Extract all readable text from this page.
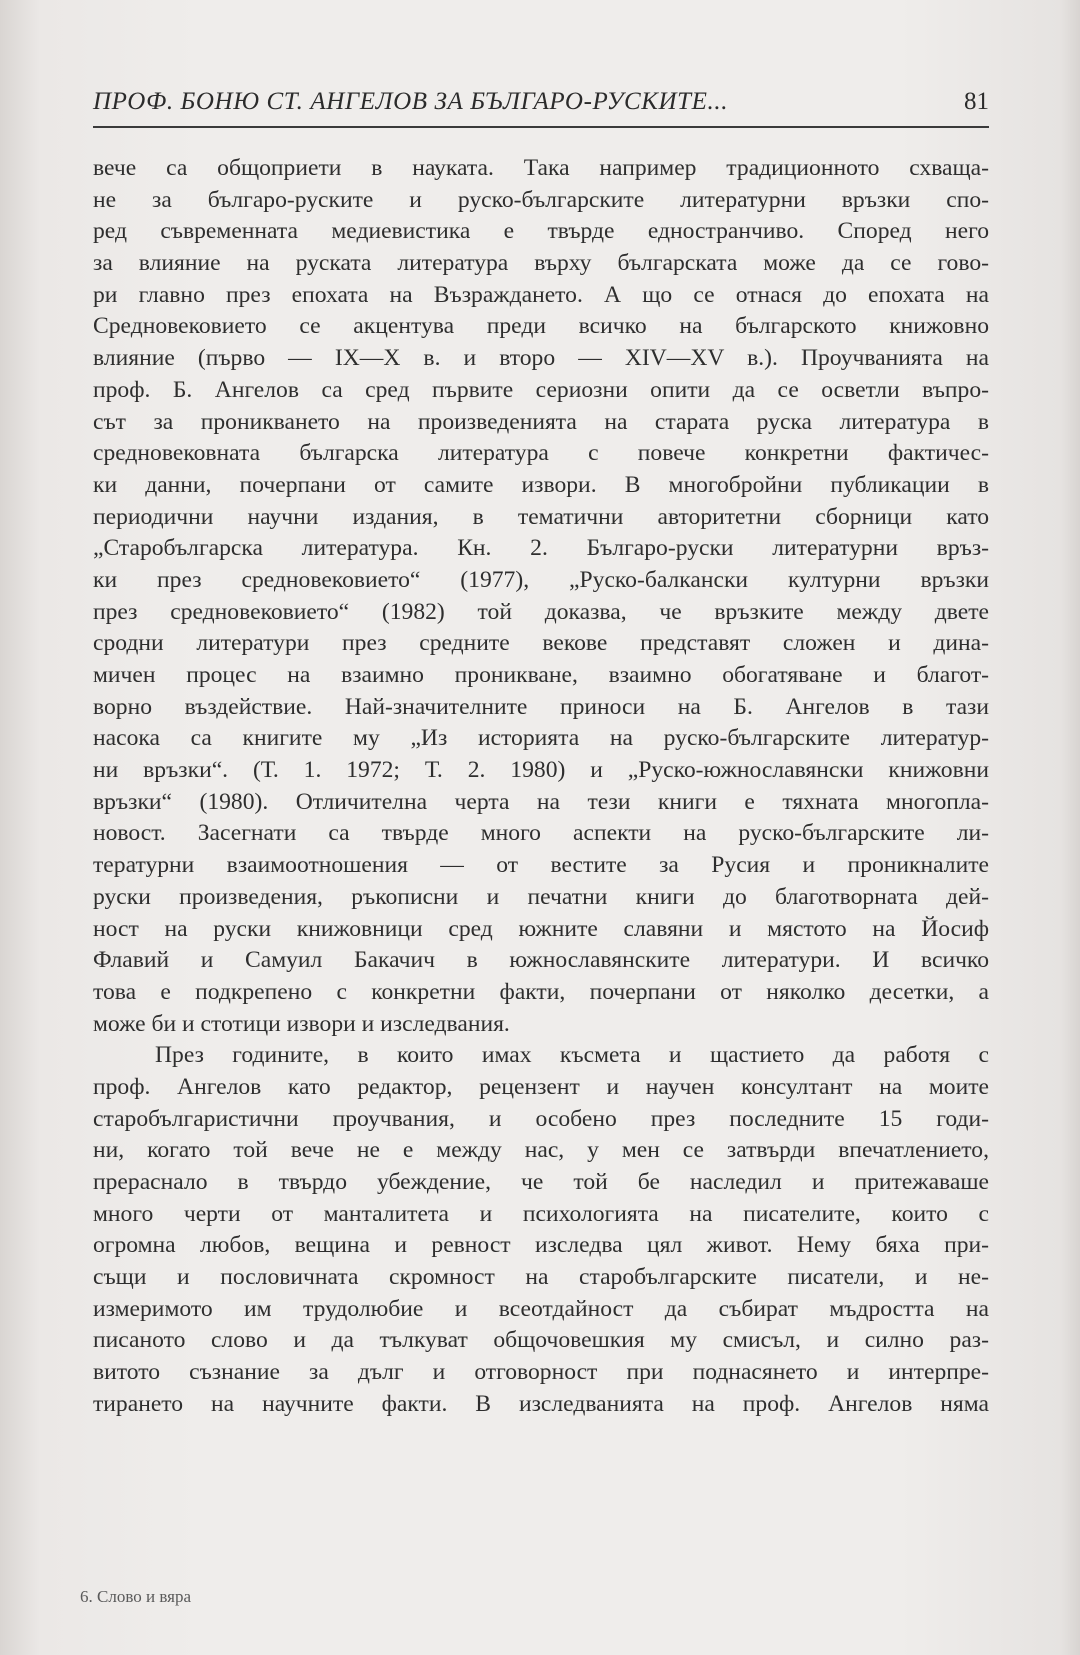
ПРОФ. БОНЮ СТ. АНГЕЛОВ ЗА БЪЛГАРО-РУСКИТЕ...	81

вече са общоприети в науката. Така например традиционното схваща-
не за българо-руските и руско-българските литературни връзки спо-
ред съвременната медиевистика е твърде едностранчиво. Според него
за влияние на руската литература върху българската може да се гово-
ри главно през епохата на Възраждането. А що се отнася до епохата на
Средновековието се акцентува преди всичко на българското книжовно
влияние (първо — IX—X в. и второ — XIV—XV в.). Проучванията на
проф. Б. Ангелов са сред първите сериозни опити да се осветли въпро-
сът за проникването на произведенията на старата руска литература в
средновековната българска литература с повече конкретни фактичес-
ки данни, почерпани от самите извори. В многобройни публикации в
периодични научни издания, в тематични авторитетни сборници като
„Старобългарска литература. Кн. 2. Българо-руски литературни връз-
ки през средновековието“ (1977), „Руско-балкански културни връзки
през средновековието“ (1982) той доказва, че връзките между двете
сродни литератури през средните векове представят сложен и дина-
мичен процес на взаимно проникване, взаимно обогатяване и благот-
ворно въздействие. Най-значителните приноси на Б. Ангелов в тази
насока са книгите му „Из историята на руско-българските литератур-
ни връзки“. (Т. 1. 1972; Т. 2. 1980) и „Руско-южнославянски книжовни
връзки“ (1980). Отличителна черта на тези книги е тяхната многопла-
новост. Засегнати са твърде много аспекти на руско-българските ли-
тературни взаимоотношения — от вестите за Русия и проникналите
руски произведения, ръкописни и печатни книги до благотворната дей-
ност на руски книжовници сред южните славяни и мястото на Йосиф
Флавий и Самуил Бакачич в южнославянските литератури. И всичко
това е подкрепено с конкретни факти, почерпани от няколко десетки, а
може би и стотици извори и изследвания.

През годините, в които имах късмета и щастието да работя с
проф. Ангелов като редактор, рецензент и научен консултант на моите
старобългаристични проучвания, и особено през последните 15 годи-
ни, когато той вече не е между нас, у мен се затвърди впечатлението,
прераснало в твърдо убеждение, че той бе наследил и притежаваше
много черти от манталитета и психологията на писателите, които с
огромна любов, вещина и ревност изследва цял живот. Нему бяха при-
същи и пословичната скромност на старобългарските писатели, и не-
измеримото им трудолюбие и всеотдайност да събират мъдростта на
писаното слово и да тълкуват общочовешкия му смисъл, и силно раз-
витото съзнание за дълг и отговорност при поднасянето и интерпре-
тирането на научните факти. В изследванията на проф. Ангелов няма

6. Слово и вяра
